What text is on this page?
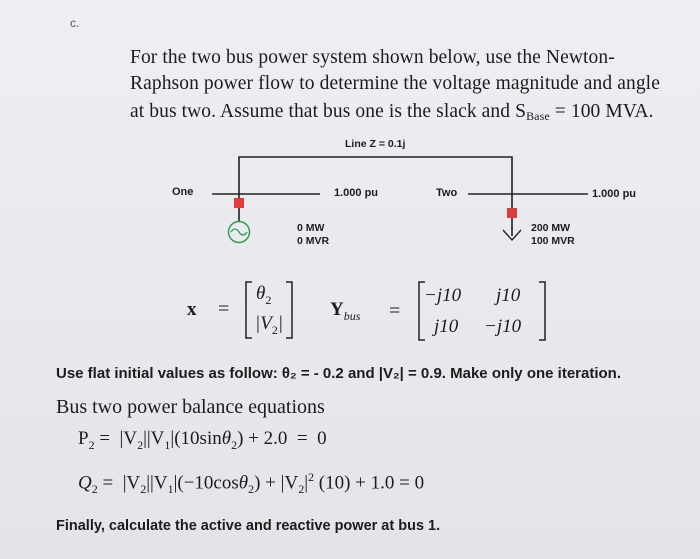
c.
For the two bus power system shown below, use the Newton-
Raphson power flow to determine the voltage magnitude and angle
at bus two. Assume that bus one is the slack and $S_{Base} = 100$ MVA.
Line Z = 0.1j
One	1.000 pu	Two	1.000 pu
0 MW
0 MVR
200 MW
100 MVR
x =
$\theta_2$
$|V_2|$
$Y_{bus}$ =
−j10 j10
j10 −j10
Use flat initial values as follow: θ₂ = - 0.2 and |V₂| = 0.9. Make only one iteration.
Bus two power balance equations
$P_2 = |V_2||V_1|(10\sin\theta_2) + 2.0 = 0$
$Q_2 = |V_2||V_1|(-10\cos\theta_2) + |V_2|^2$ (10) + 1.0 = 0
Finally, calculate the active and reactive power at bus 1.
